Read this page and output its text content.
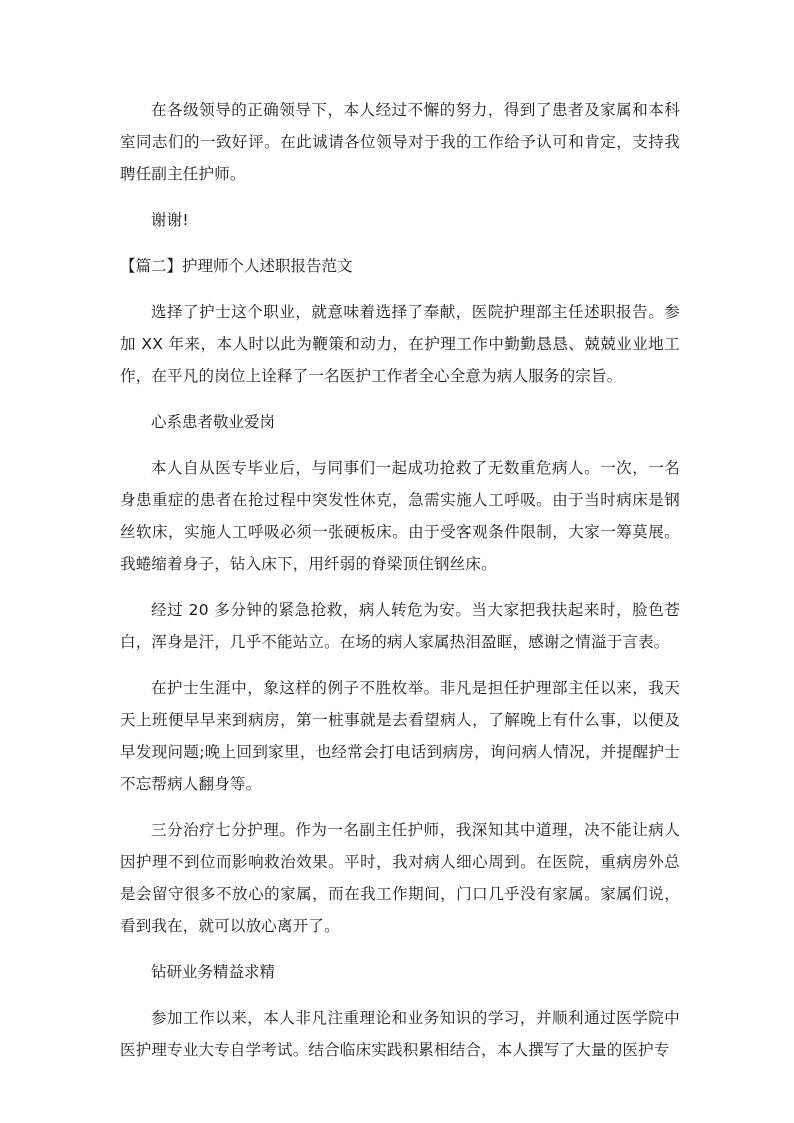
在各级领导的正确领导下，本人经过不懈的努力，得到了患者及家属和本科室同志们的一致好评。在此诚请各位领导对于我的工作给予认可和肯定，支持我聘任副主任护师。

谢谢!

【篇二】护理师个人述职报告范文

选择了护士这个职业，就意味着选择了奉献，医院护理部主任述职报告。参加 XX 年来，本人时以此为鞭策和动力，在护理工作中勤勤恳恳、兢兢业业地工作，在平凡的岗位上诠释了一名医护工作者全心全意为病人服务的宗旨。

心系患者敬业爱岗

本人自从医专毕业后，与同事们一起成功抢救了无数重危病人。一次，一名身患重症的患者在抢过程中突发性休克，急需实施人工呼吸。由于当时病床是钢丝软床，实施人工呼吸必须一张硬板床。由于受客观条件限制，大家一筹莫展。我蜷缩着身子，钻入床下，用纤弱的脊梁顶住钢丝床。

经过 20 多分钟的紧急抢救，病人转危为安。当大家把我扶起来时，脸色苍白，浑身是汗，几乎不能站立。在场的病人家属热泪盈眶，感谢之情溢于言表。

在护士生涯中，象这样的例子不胜枚举。非凡是担任护理部主任以来，我天天上班便早早来到病房，第一桩事就是去看望病人，了解晚上有什么事，以便及早发现问题;晚上回到家里，也经常会打电话到病房，询问病人情况，并提醒护士不忘帮病人翻身等。

三分治疗七分护理。作为一名副主任护师，我深知其中道理，决不能让病人因护理不到位而影响救治效果。平时，我对病人细心周到。在医院，重病房外总是会留守很多不放心的家属，而在我工作期间，门口几乎没有家属。家属们说，看到我在，就可以放心离开了。

钻研业务精益求精

参加工作以来，本人非凡注重理论和业务知识的学习，并顺利通过医学院中医护理专业大专自学考试。结合临床实践积累相结合，本人撰写了大量的医护专
